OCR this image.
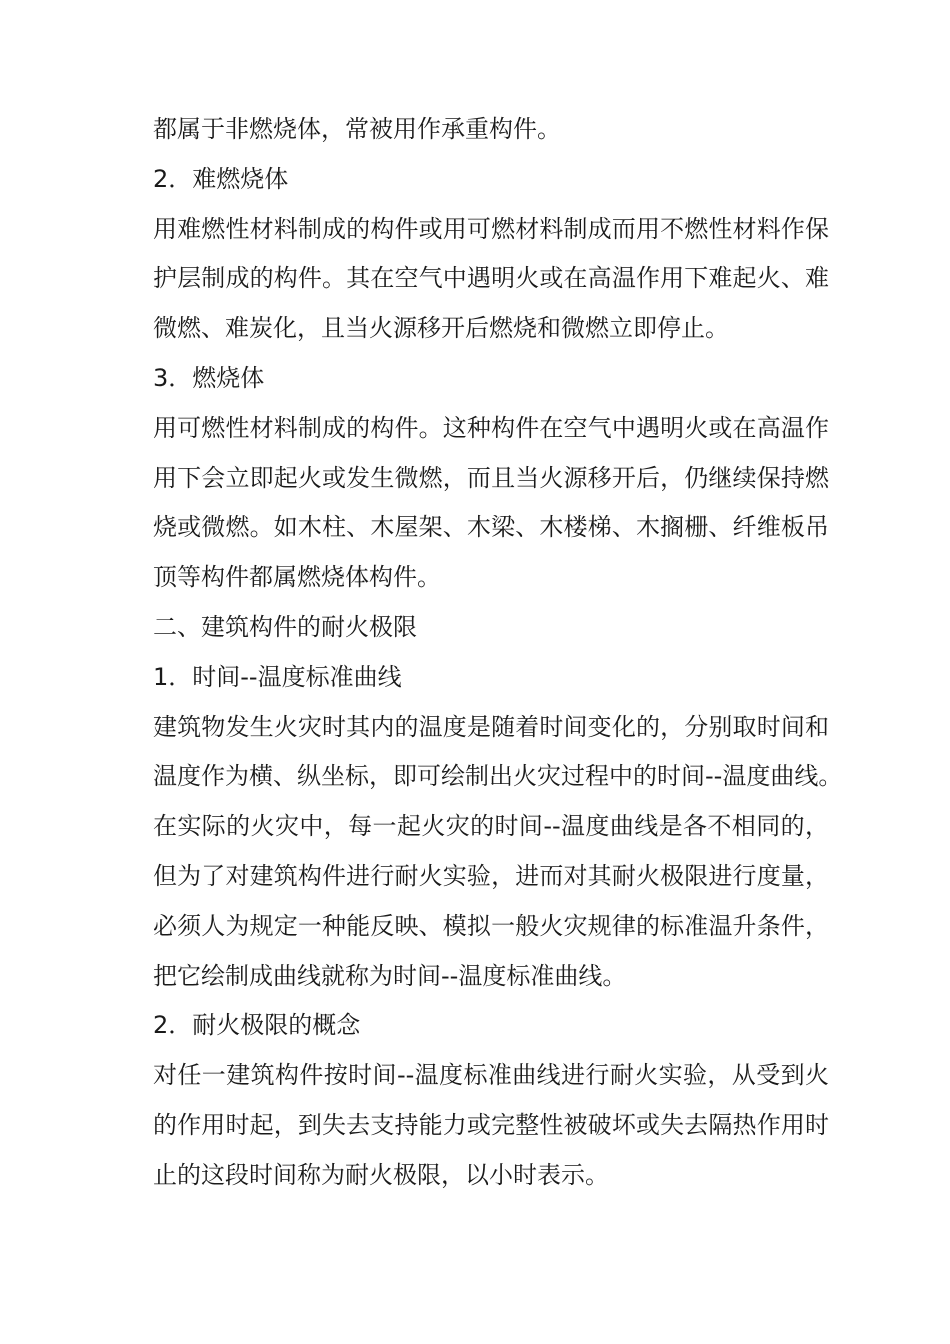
都属于非燃烧体，常被用作承重构件。
2．难燃烧体
用难燃性材料制成的构件或用可燃材料制成而用不燃性材料作保
护层制成的构件。其在空气中遇明火或在高温作用下难起火、难
微燃、难炭化，且当火源移开后燃烧和微燃立即停止。
3．燃烧体
用可燃性材料制成的构件。这种构件在空气中遇明火或在高温作
用下会立即起火或发生微燃，而且当火源移开后，仍继续保持燃
烧或微燃。如木柱、木屋架、木梁、木楼梯、木搁栅、纤维板吊
顶等构件都属燃烧体构件。
二、建筑构件的耐火极限
1．时间--温度标准曲线
建筑物发生火灾时其内的温度是随着时间变化的，分别取时间和
温度作为横、纵坐标，即可绘制出火灾过程中的时间--温度曲线。
在实际的火灾中，每一起火灾的时间--温度曲线是各不相同的，
但为了对建筑构件进行耐火实验，进而对其耐火极限进行度量，
必须人为规定一种能反映、模拟一般火灾规律的标准温升条件，
把它绘制成曲线就称为时间--温度标准曲线。
2．耐火极限的概念
对任一建筑构件按时间--温度标准曲线进行耐火实验，从受到火
的作用时起，到失去支持能力或完整性被破坏或失去隔热作用时
止的这段时间称为耐火极限，以小时表示。
